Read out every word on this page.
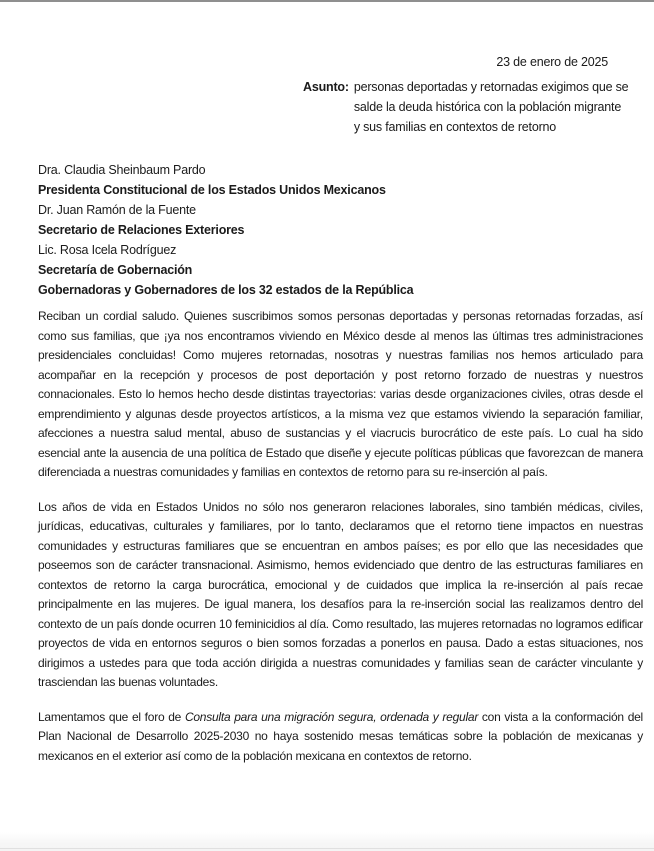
23 de enero de 2025
Asunto: personas deportadas y retornadas exigimos que se
salde la deuda histórica con la población migrante
y sus familias en contextos de retorno
Dra. Claudia Sheinbaum Pardo
Presidenta Constitucional de los Estados Unidos Mexicanos
Dr. Juan Ramón de la Fuente
Secretario de Relaciones Exteriores
Lic. Rosa Icela Rodríguez
Secretaría de Gobernación
Gobernadoras y Gobernadores de los 32 estados de la República

Reciban un cordial saludo. Quienes suscribimos somos personas deportadas y personas retornadas forzadas, así como sus familias, que ¡ya nos encontramos viviendo en México desde al menos las últimas tres administraciones presidenciales concluidas! Como mujeres retornadas, nosotras y nuestras familias nos hemos articulado para acompañar en la recepción y procesos de post deportación y post retorno forzado de nuestras y nuestros connacionales. Esto lo hemos hecho desde distintas trayectorias: varias desde organizaciones civiles, otras desde el emprendimiento y algunas desde proyectos artísticos, a la misma vez que estamos viviendo la separación familiar, afecciones a nuestra salud mental, abuso de sustancias y el viacrucis burocrático de este país. Lo cual ha sido esencial ante la ausencia de una política de Estado que diseñe y ejecute políticas públicas que favorezcan de manera diferenciada a nuestras comunidades y familias en contextos de retorno para su re-inserción al país.

Los años de vida en Estados Unidos no sólo nos generaron relaciones laborales, sino también médicas, civiles, jurídicas, educativas, culturales y familiares, por lo tanto, declaramos que el retorno tiene impactos en nuestras comunidades y estructuras familiares que se encuentran en ambos países; es por ello que las necesidades que poseemos son de carácter transnacional. Asimismo, hemos evidenciado que dentro de las estructuras familiares en contextos de retorno la carga burocrática, emocional y de cuidados que implica la re-inserción al país recae principalmente en las mujeres. De igual manera, los desafíos para la re-inserción social las realizamos dentro del contexto de un país donde ocurren 10 feminicidios al día. Como resultado, las mujeres retornadas no logramos edificar proyectos de vida en entornos seguros o bien somos forzadas a ponerlos en pausa. Dado a estas situaciones, nos dirigimos a ustedes para que toda acción dirigida a nuestras comunidades y familias sean de carácter vinculante y trasciendan las buenas voluntades.

Lamentamos que el foro de Consulta para una migración segura, ordenada y regular con vista a la conformación del Plan Nacional de Desarrollo 2025-2030 no haya sostenido mesas temáticas sobre la población de mexicanas y mexicanos en el exterior así como de la población mexicana en contextos de retorno.
